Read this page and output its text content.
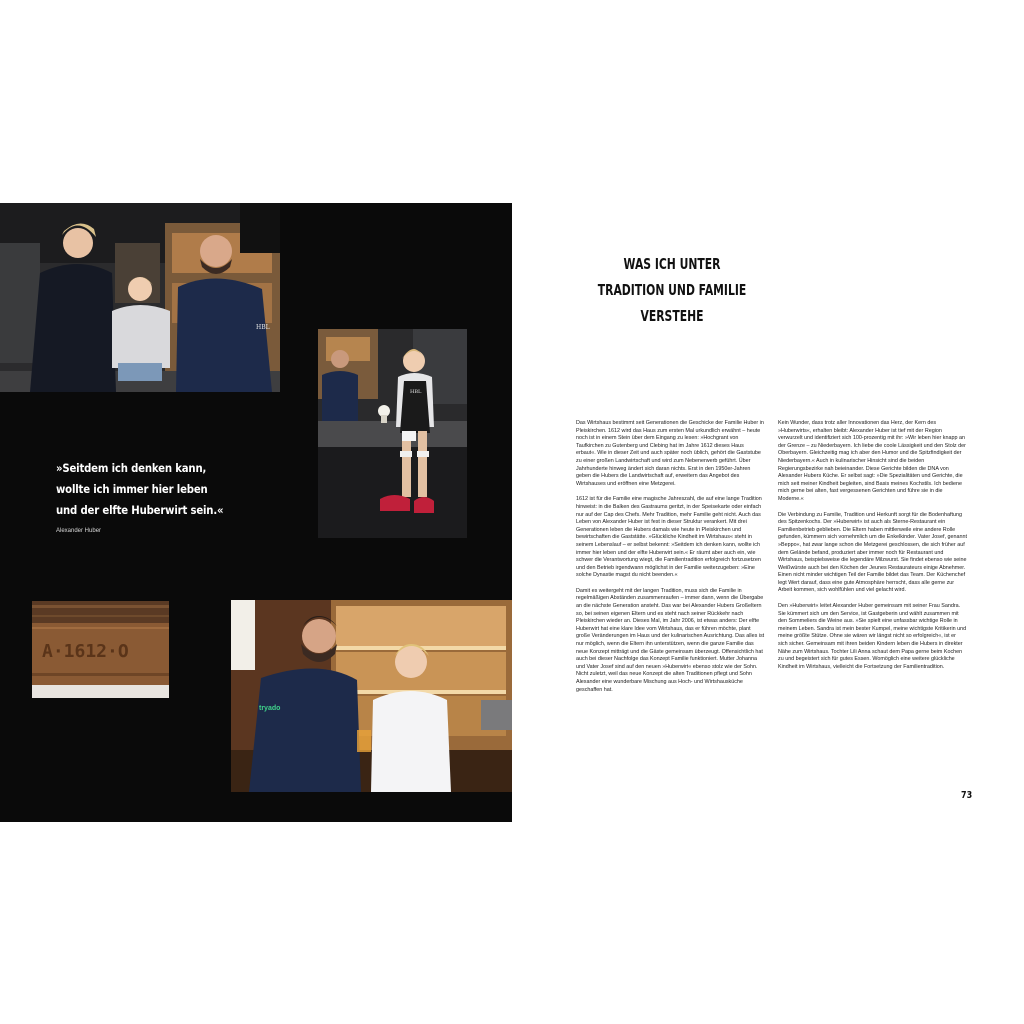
HBL
HBL
»Seitdem ich denken kann,
wollte ich immer hier leben
und der elfte Huberwirt sein.«
Alexander Huber
A·1612·O
tryado
WAS ICH UNTER
TRADITION UND FAMILIE
VERSTEHE

Das Wirtshaus bestimmt seit Generationen die Geschicke der Familie Huber in Pleiskirchen. 1612 wird das Haus zum ersten Mal urkundlich erwähnt – heute noch ist in einem Stein über dem Eingang zu lesen: »Hochgrant von Taufkirchen zu Gutenberg und Clebing hat im Jahre 1612 dieses Haus erbaut«. Wie in dieser Zeit und auch später noch üblich, gehört die Gaststube zu einer großen Landwirtschaft und wird zum Nebenerwerb geführt. Über Jahrhunderte hinweg ändert sich daran nichts. Erst in den 1950er-Jahren geben die Hubers die Landwirtschaft auf, erweitern das Angebot des Wirtshauses und eröffnen eine Metzgerei.

1612 ist für die Familie eine magische Jahreszahl, die auf eine lange Tradition hinweist: in die Balken des Gastraums geritzt, in der Speisekarte oder einfach nur auf der Cap des Chefs. Mehr Tradition, mehr Familie geht nicht. Auch das Leben von Alexander Huber ist fest in dieser Struktur verankert. Mit drei Generationen leben die Hubers damals wie heute in Pleiskirchen und bewirtschaften die Gaststätte. »Glückliche Kindheit im Wirtshaus« steht in seinem Lebenslauf – er selbst bekennt: »Seitdem ich denken kann, wollte ich immer hier leben und der elfte Huberwirt sein.« Er räumt aber auch ein, wie schwer die Verantwortung wiegt, die Familientradition erfolgreich fortzusetzen und den Betrieb irgendwann möglichst in der Familie weiterzugeben: »Eine solche Dynastie magst du nicht beenden.«

Damit es weitergeht mit der langen Tradition, muss sich die Familie in regelmäßigen Abständen zusammenraufen – immer dann, wenn die Übergabe an die nächste Generation ansteht. Das war bei Alexander Hubers Großeltern so, bei seinen eigenen Eltern und es steht nach seiner Rückkehr nach Pleiskirchen wieder an. Dieses Mal, im Jahr 2006, ist etwas anders: Der elfte Huberwirt hat eine klare Idee vom Wirtshaus, das er führen möchte, plant große Veränderungen im Haus und der kulinarischen Ausrichtung. Das alles ist nur möglich, wenn die Eltern ihn unterstützen, wenn die ganze Familie das neue Konzept mitträgt und die Gäste gemeinsam überzeugt. Offensichtlich hat auch bei dieser Nachfolge das Konzept Familie funktioniert. Mutter Johanna und Vater Josef sind auf den neuen »Huberwirt« ebenso stolz wie der Sohn. Nicht zuletzt, weil das neue Konzept die alten Traditionen pflegt und Sohn Alexander eine wunderbare Mischung aus Hoch- und Wirtshausküche geschaffen hat.

Kein Wunder, dass trotz aller Innovationen das Herz, der Kern des »Huberwirts«, erhalten bleibt: Alexander Huber ist tief mit der Region verwurzelt und identifiziert sich 100-prozentig mit ihr: »Wir leben hier knapp an der Grenze – zu Niederbayern. Ich liebe die coole Lässigkeit und den Stolz der Oberbayern. Gleichzeitig mag ich aber den Humor und die Spitzfindigkeit der Niederbayern.« Auch in kulinarischer Hinsicht sind die beiden Regierungsbezirke nah beieinander. Diese Gerichte bilden die DNA von Alexander Hubers Küche. Er selbst sagt: »Die Spezialitäten und Gerichte, die mich seit meiner Kindheit begleiten, sind Basis meines Kochstils. Ich bediene mich gerne bei alten, fast vergessenen Gerichten und führe sie in die Moderne.«

Die Verbindung zu Familie, Tradition und Herkunft sorgt für die Bodenhaftung des Spitzenkochs. Der »Huberwirt« ist auch als Sterne-Restaurant ein Familienbetrieb geblieben. Die Eltern haben mittlerweile eine andere Rolle gefunden, kümmern sich vornehmlich um die Enkelkinder. Vater Josef, genannt »Beppo«, hat zwar lange schon die Metzgerei geschlossen, die sich früher auf dem Gelände befand, produziert aber immer noch für Restaurant und Wirtshaus, beispielsweise die legendäre Milzwurst. Sie findet ebenso wie seine Weißwürste auch bei den Köchen der Jeunes Restaurateurs einige Abnehmer. Einen nicht minder wichtigen Teil der Familie bildet das Team. Der Küchenchef legt Wert darauf, dass eine gute Atmosphäre herrscht, dass alle gerne zur Arbeit kommen, sich wohlfühlen und viel gelacht wird.

Den »Huberwirt« leitet Alexander Huber gemeinsam mit seiner Frau Sandra. Sie kümmert sich um den Service, ist Gastgeberin und wählt zusammen mit den Sommeliers die Weine aus. »Sie spielt eine unfassbar wichtige Rolle in meinem Leben. Sandra ist mein bester Kumpel, meine wichtigste Kritikerin und meine größte Stütze. Ohne sie wären wir längst nicht so erfolgreich«, ist er sich sicher. Gemeinsam mit ihren beiden Kindern leben die Hubers in direkter Nähe zum Wirtshaus. Tochter Lili Anna schaut dem Papa gerne beim Kochen zu und begeistert sich für gutes Essen. Womöglich eine weitere glückliche Kindheit im Wirtshaus, vielleicht die Fortsetzung der Familientradition.

73
